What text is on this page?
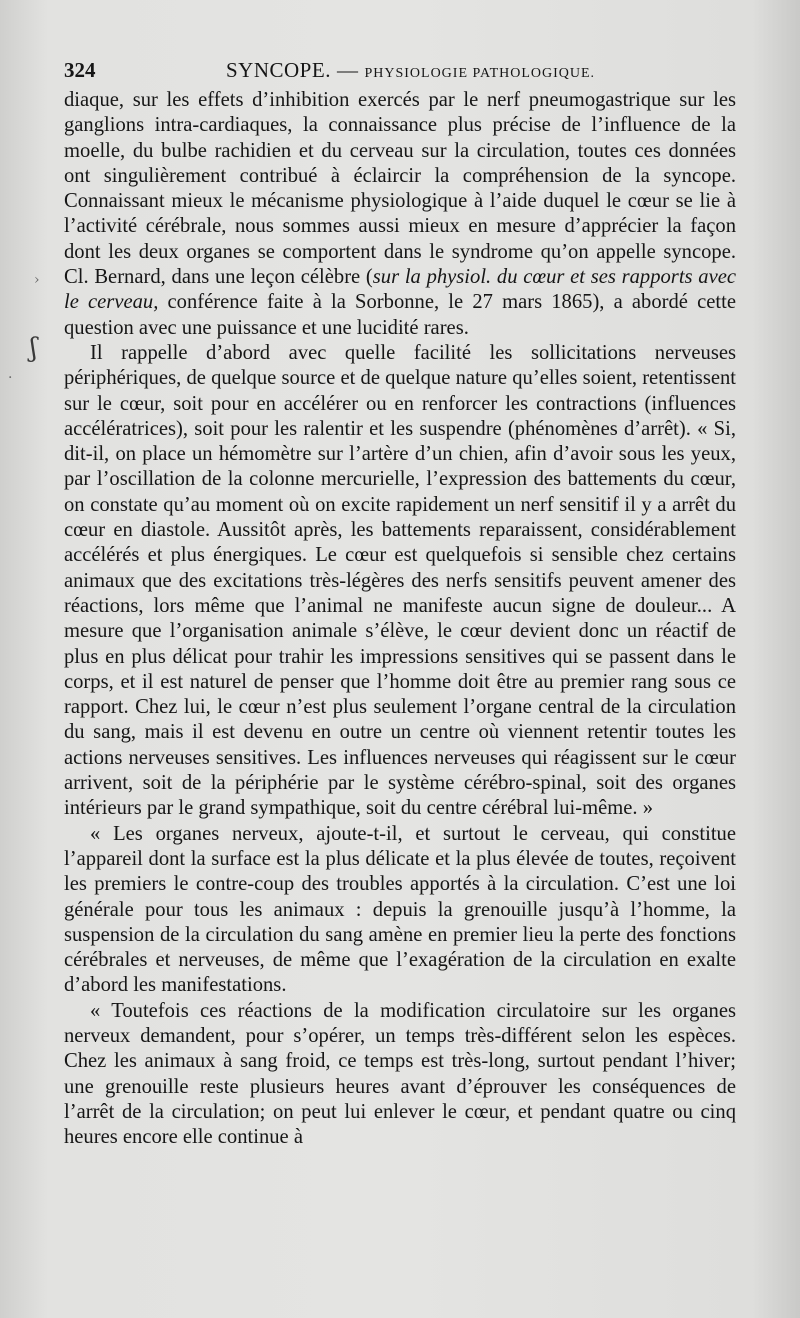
324	SYNCOPE. — PHYSIOLOGIE PATHOLOGIQUE.
ʃ
›
·

diaque, sur les effets d’inhibition exercés par le nerf pneumogastrique sur les ganglions intra-cardiaques, la connaissance plus précise de l’influence de la moelle, du bulbe rachidien et du cerveau sur la circulation, toutes ces données ont singulièrement contribué à éclaircir la compréhension de la syncope. Connaissant mieux le mécanisme physiologique à l’aide duquel le cœur se lie à l’activité cérébrale, nous sommes aussi mieux en mesure d’apprécier la façon dont les deux organes se comportent dans le syndrome qu’on appelle syncope. Cl. Bernard, dans une leçon célèbre (sur la physiol. du cœur et ses rapports avec le cerveau, conférence faite à la Sorbonne, le 27 mars 1865), a abordé cette question avec une puissance et une lucidité rares.

Il rappelle d’abord avec quelle facilité les sollicitations nerveuses périphériques, de quelque source et de quelque nature qu’elles soient, retentissent sur le cœur, soit pour en accélérer ou en renforcer les contractions (influences accélératrices), soit pour les ralentir et les suspendre (phénomènes d’arrêt). « Si, dit-il, on place un hémomètre sur l’artère d’un chien, afin d’avoir sous les yeux, par l’oscillation de la colonne mercurielle, l’expression des battements du cœur, on constate qu’au moment où on excite rapidement un nerf sensitif il y a arrêt du cœur en diastole. Aussitôt après, les battements reparaissent, considérablement accélérés et plus énergiques. Le cœur est quelquefois si sensible chez certains animaux que des excitations très-légères des nerfs sensitifs peuvent amener des réactions, lors même que l’animal ne manifeste aucun signe de douleur... A mesure que l’organisation animale s’élève, le cœur devient donc un réactif de plus en plus délicat pour trahir les impressions sensitives qui se passent dans le corps, et il est naturel de penser que l’homme doit être au premier rang sous ce rapport. Chez lui, le cœur n’est plus seulement l’organe central de la circulation du sang, mais il est devenu en outre un centre où viennent retentir toutes les actions nerveuses sensitives. Les influences nerveuses qui réagissent sur le cœur arrivent, soit de la périphérie par le système cérébro-spinal, soit des organes intérieurs par le grand sympathique, soit du centre cérébral lui-même. »

« Les organes nerveux, ajoute-t-il, et surtout le cerveau, qui constitue l’appareil dont la surface est la plus délicate et la plus élevée de toutes, reçoivent les premiers le contre-coup des troubles apportés à la circulation. C’est une loi générale pour tous les animaux : depuis la grenouille jusqu’à l’homme, la suspension de la circulation du sang amène en premier lieu la perte des fonctions cérébrales et nerveuses, de même que l’exagération de la circulation en exalte d’abord les manifestations.

« Toutefois ces réactions de la modification circulatoire sur les organes nerveux demandent, pour s’opérer, un temps très-différent selon les espèces. Chez les animaux à sang froid, ce temps est très-long, surtout pendant l’hiver; une grenouille reste plusieurs heures avant d’éprouver les conséquences de l’arrêt de la circulation; on peut lui enlever le cœur, et pendant quatre ou cinq heures encore elle continue à
